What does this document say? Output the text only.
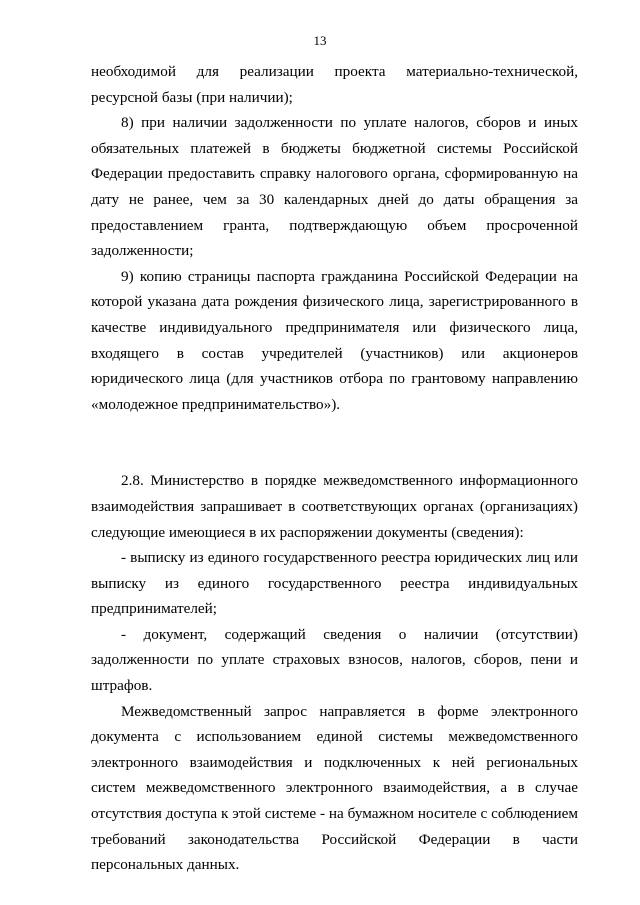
13

необходимой для реализации проекта материально-технической, ресурсной базы (при наличии);

8) при наличии задолженности по уплате налогов, сборов и иных обязательных платежей в бюджеты бюджетной системы Российской Федерации предоставить справку налогового органа, сформированную на дату не ранее, чем за 30 календарных дней до даты обращения за предоставлением гранта, подтверждающую объем просроченной задолженности;

9) копию страницы паспорта гражданина Российской Федерации на которой указана дата рождения физического лица, зарегистрированного в качестве индивидуального предпринимателя или физического лица, входящего в состав учредителей (участников) или акционеров юридического лица (для участников отбора по грантовому направлению «молодежное предпринимательство»).

2.8. Министерство в порядке межведомственного информационного взаимодействия запрашивает в соответствующих органах (организациях) следующие имеющиеся в их распоряжении документы (сведения):

- выписку из единого государственного реестра юридических лиц или выписку из единого государственного реестра индивидуальных предпринимателей;

- документ, содержащий сведения о наличии (отсутствии) задолженности по уплате страховых взносов, налогов, сборов, пени и штрафов.

Межведомственный запрос направляется в форме электронного документа с использованием единой системы межведомственного электронного взаимодействия и подключенных к ней региональных систем межведомственного электронного взаимодействия, а в случае отсутствия доступа к этой системе - на бумажном носителе с соблюдением требований законодательства Российской Федерации в части персональных данных.
